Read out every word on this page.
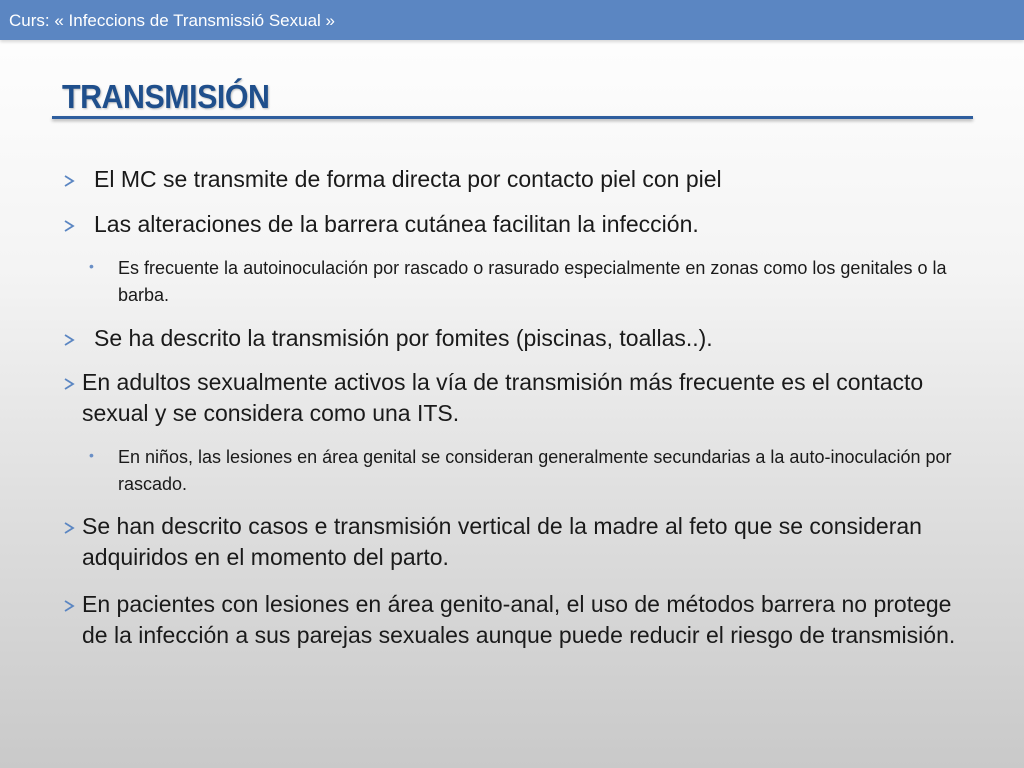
Curs: « Infeccions de Transmissió Sexual »
TRANSMISIÓN
El MC se transmite de forma directa por contacto piel con piel
Las alteraciones de la barrera cutánea facilitan la infección.
• Es frecuente la autoinoculación por rascado o rasurado especialmente en zonas como los genitales o la barba.
Se ha descrito la transmisión por fomites (piscinas, toallas..).
En adultos sexualmente activos la vía de transmisión más frecuente es el contacto sexual y se considera como una ITS.
• En niños, las lesiones en área genital se consideran generalmente secundarias a la auto-inoculación por rascado.
Se han descrito casos e transmisión vertical de la madre al feto que se consideran adquiridos en el momento del parto.
En pacientes con lesiones en área genito-anal, el uso de métodos barrera no protege de la infección a sus parejas sexuales aunque puede reducir el riesgo de transmisión.
